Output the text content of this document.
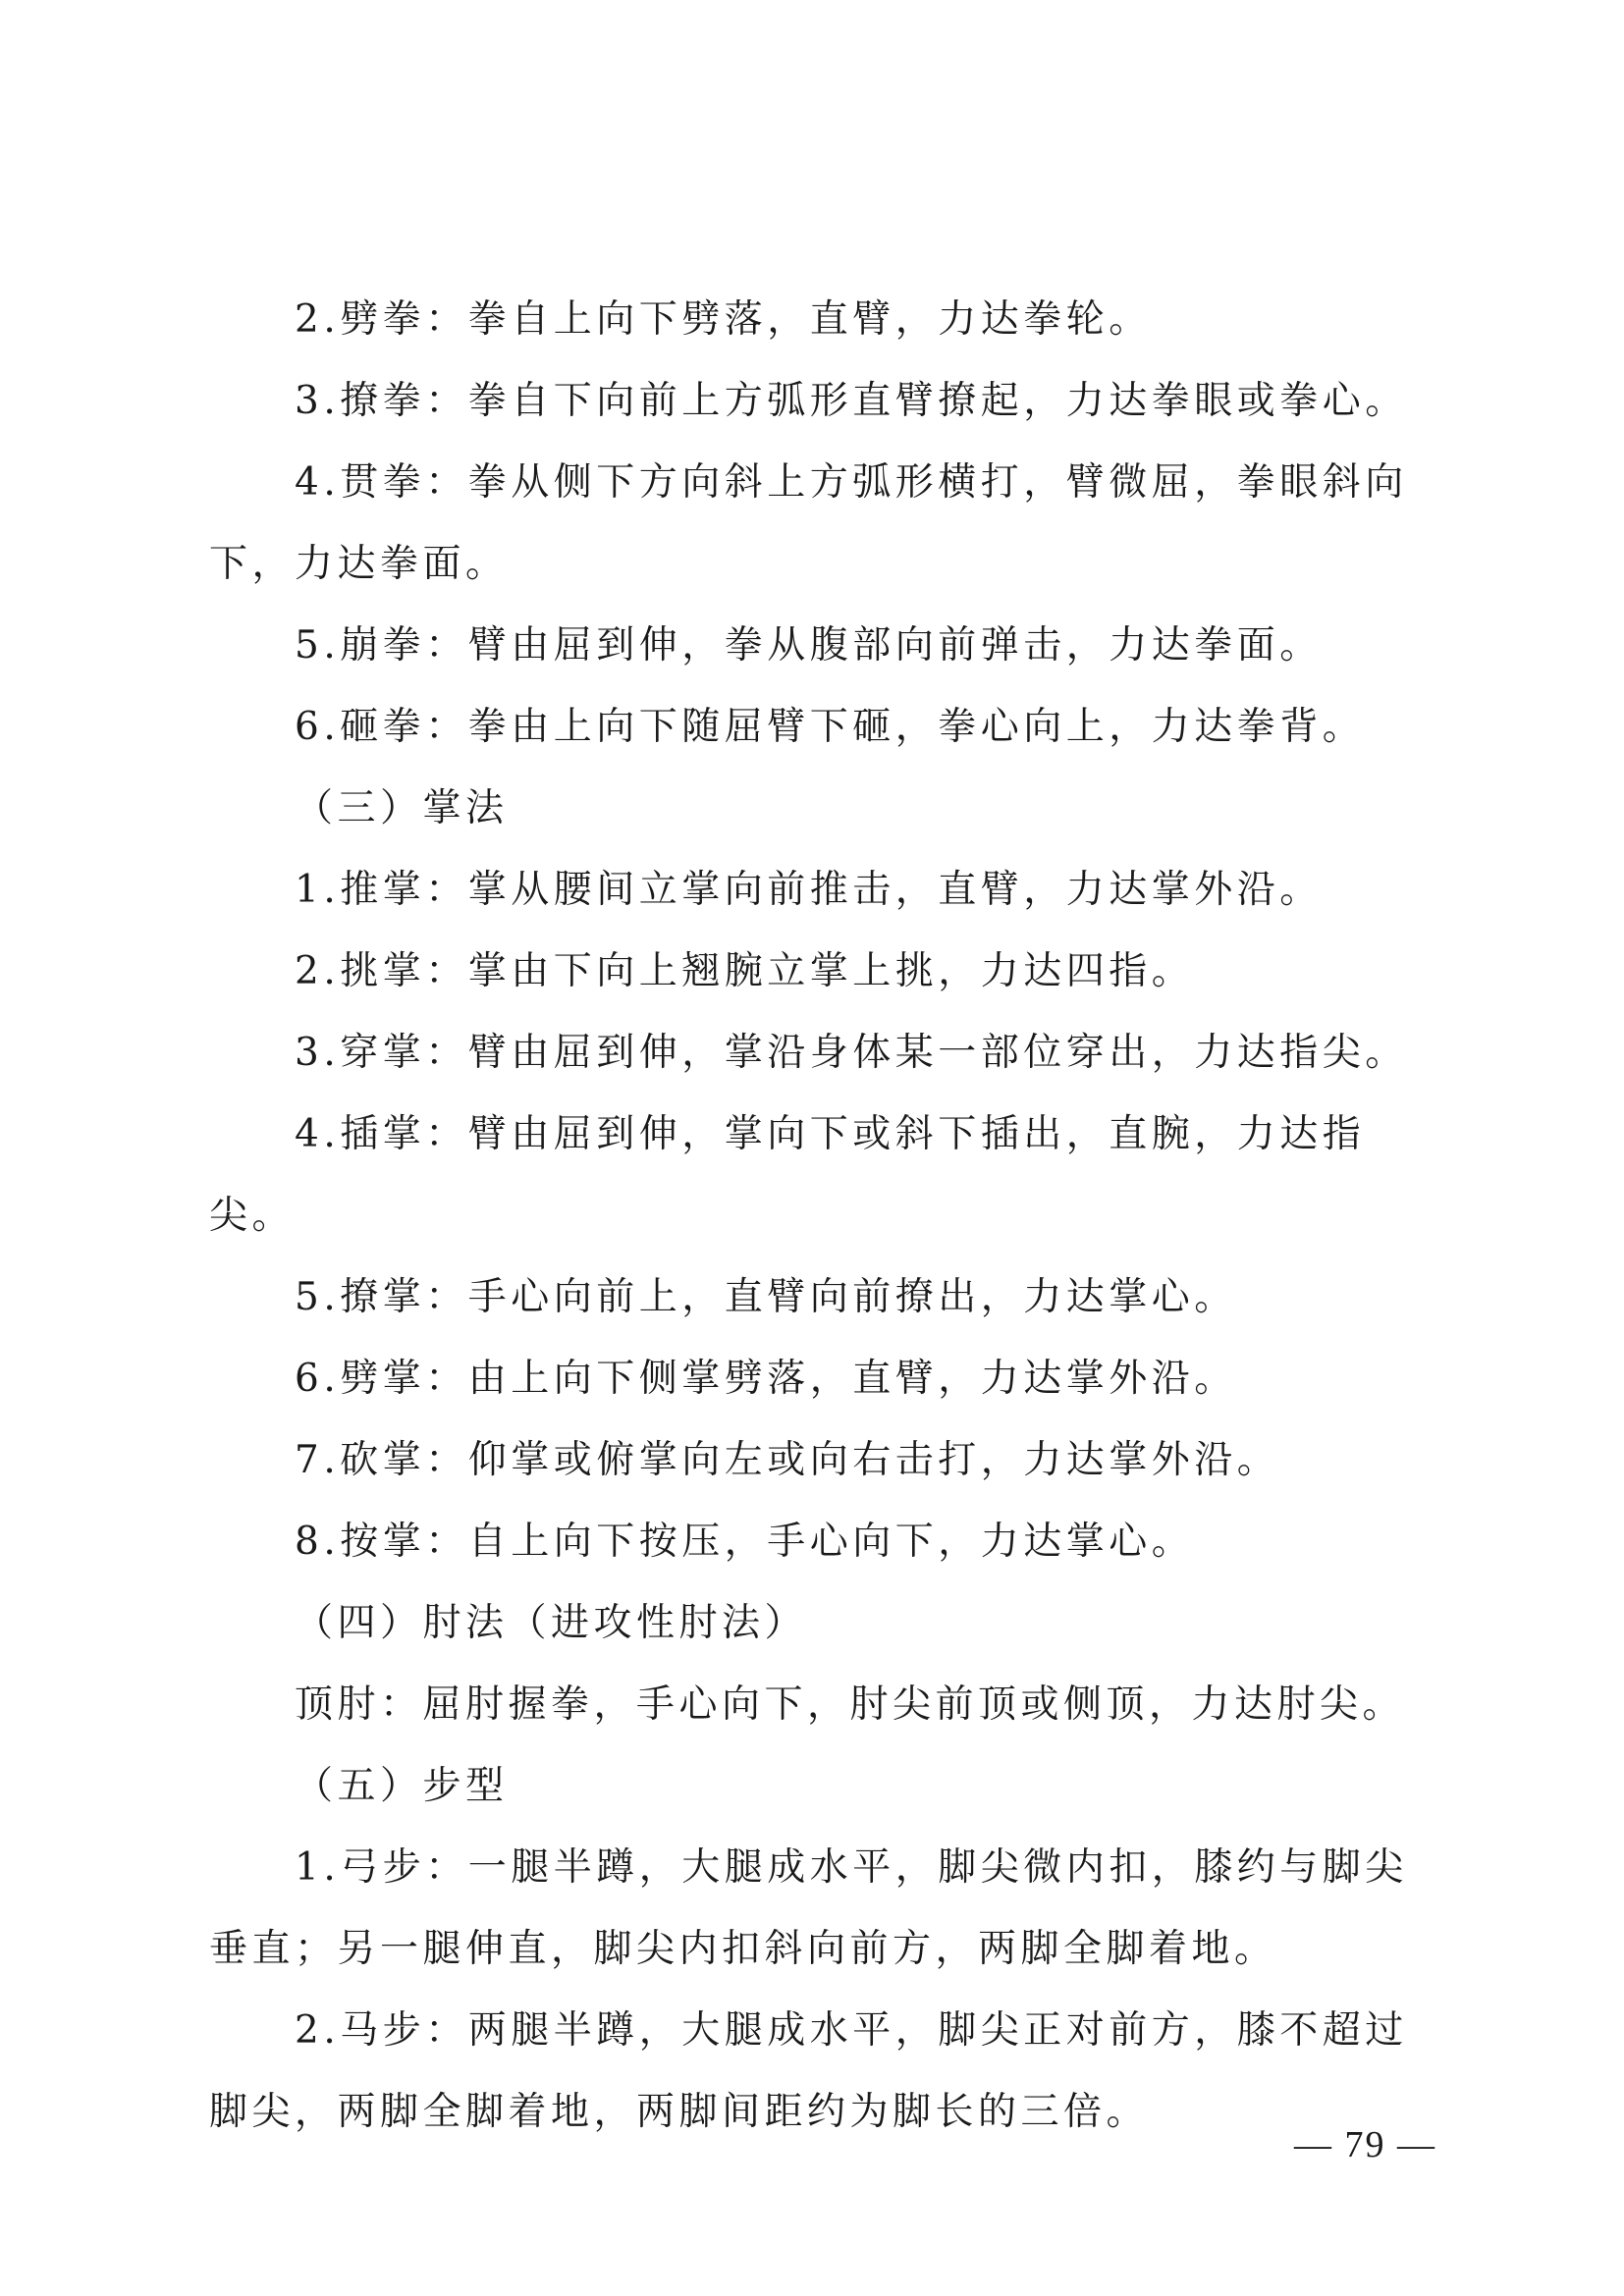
2.劈拳：拳自上向下劈落，直臂，力达拳轮。

3.撩拳：拳自下向前上方弧形直臂撩起，力达拳眼或拳心。

4.贯拳：拳从侧下方向斜上方弧形横打，臂微屈，拳眼斜向下，力达拳面。

5.崩拳：臂由屈到伸，拳从腹部向前弹击，力达拳面。

6.砸拳：拳由上向下随屈臂下砸，拳心向上，力达拳背。

（三）掌法

1.推掌：掌从腰间立掌向前推击，直臂，力达掌外沿。

2.挑掌：掌由下向上翘腕立掌上挑，力达四指。

3.穿掌：臂由屈到伸，掌沿身体某一部位穿出，力达指尖。

4.插掌：臂由屈到伸，掌向下或斜下插出，直腕，力达指尖。

5.撩掌：手心向前上，直臂向前撩出，力达掌心。

6.劈掌：由上向下侧掌劈落，直臂，力达掌外沿。

7.砍掌：仰掌或俯掌向左或向右击打，力达掌外沿。

8.按掌：自上向下按压，手心向下，力达掌心。

（四）肘法（进攻性肘法）

顶肘：屈肘握拳，手心向下，肘尖前顶或侧顶，力达肘尖。

（五）步型

1.弓步：一腿半蹲，大腿成水平，脚尖微内扣，膝约与脚尖垂直；另一腿伸直，脚尖内扣斜向前方，两脚全脚着地。

2.马步：两腿半蹲，大腿成水平，脚尖正对前方，膝不超过脚尖，两脚全脚着地，两脚间距约为脚长的三倍。

— 79 —
